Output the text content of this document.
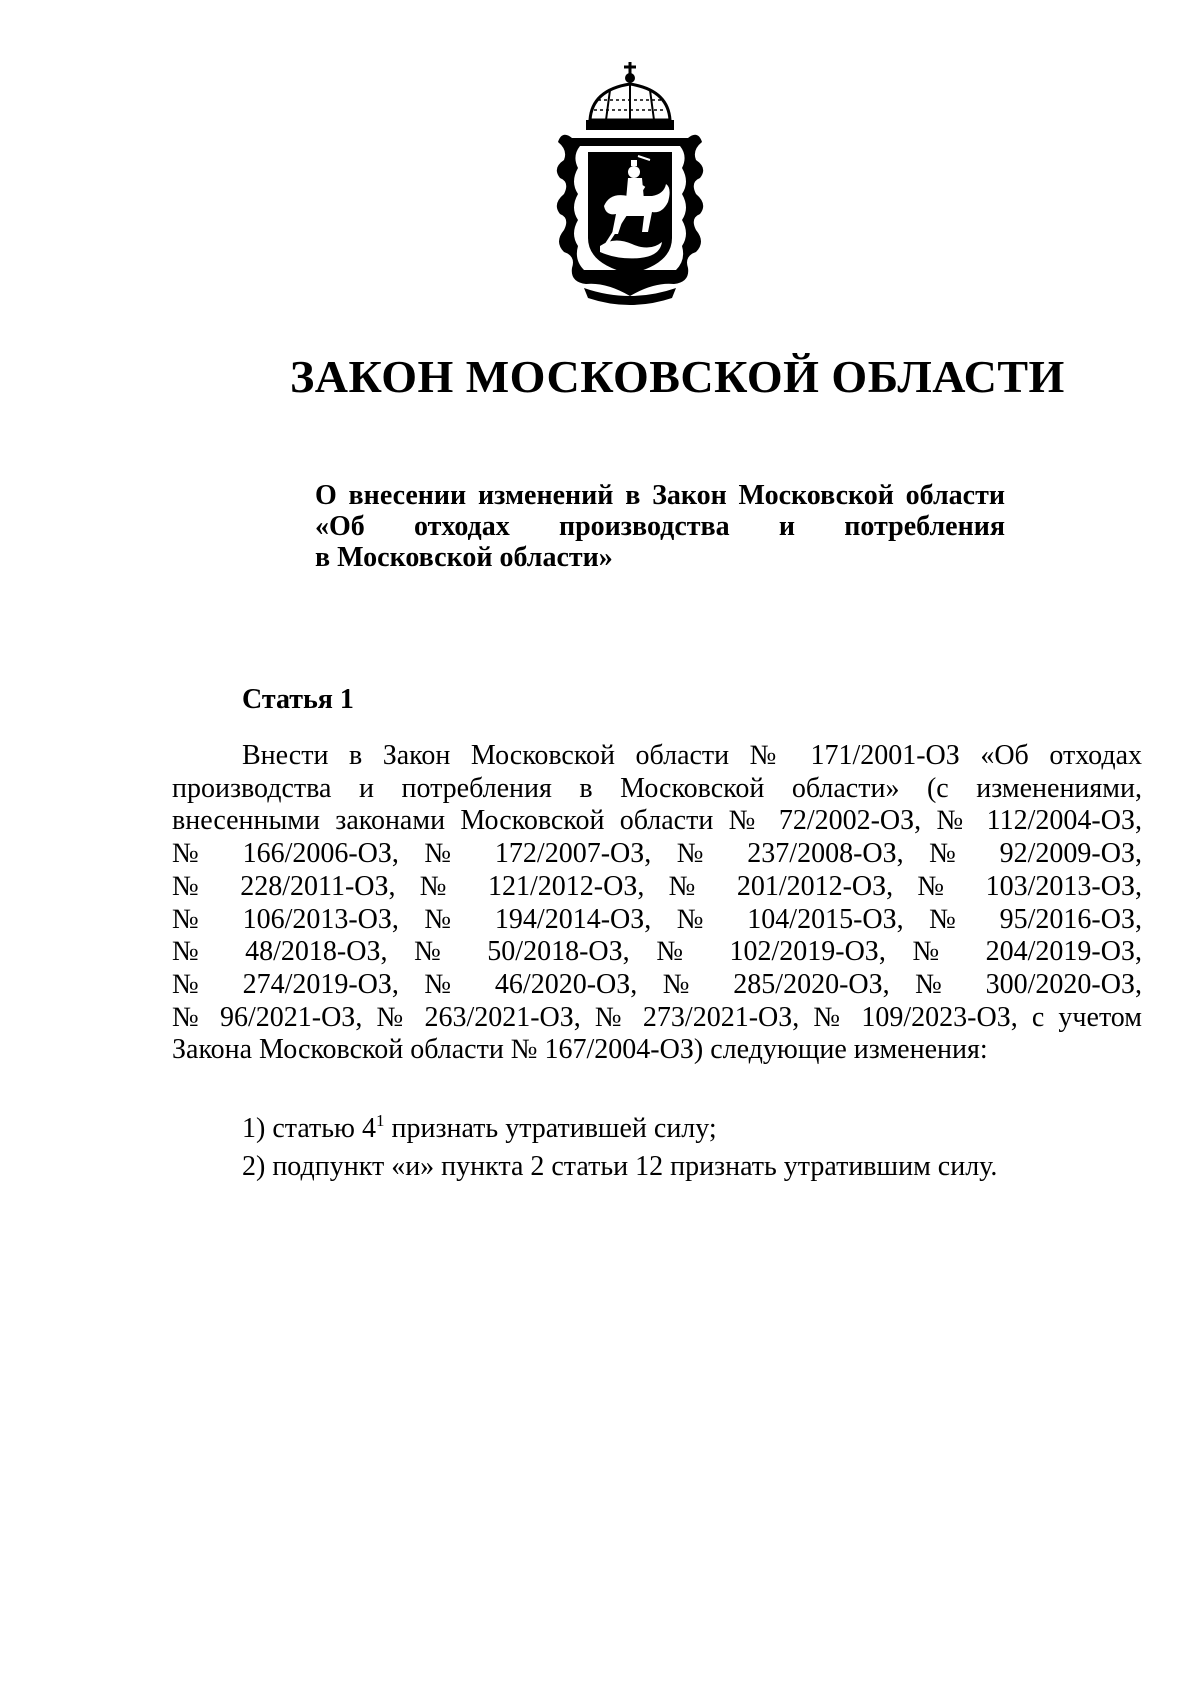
ЗАКОН МОСКОВСКОЙ ОБЛАСТИ
О внесении изменений в Закон Московской области
«Об отходах производства и потребления
в Московской области»
Статья 1
Внести в Закон Московской области № 171/2001-ОЗ «Об отходах
производства и потребления в Московской области» (с изменениями,
внесенными законами Московской области № 72/2002-ОЗ, № 112/2004-ОЗ,
№ 166/2006-ОЗ, № 172/2007-ОЗ, № 237/2008-ОЗ, № 92/2009-ОЗ,
№ 228/2011-ОЗ, № 121/2012-ОЗ, № 201/2012-ОЗ, № 103/2013-ОЗ,
№ 106/2013-ОЗ, № 194/2014-ОЗ, № 104/2015-ОЗ, № 95/2016-ОЗ,
№ 48/2018-ОЗ, № 50/2018-ОЗ, № 102/2019-ОЗ, № 204/2019-ОЗ,
№ 274/2019-ОЗ, № 46/2020-ОЗ, № 285/2020-ОЗ, № 300/2020-ОЗ,
№ 96/2021-ОЗ, № 263/2021-ОЗ, № 273/2021-ОЗ, № 109/2023-ОЗ, с учетом
Закона Московской области № 167/2004-ОЗ) следующие изменения:
1) статью $4^1$ признать утратившей силу;
2) подпункт «и» пункта 2 статьи 12 признать утратившим силу.
